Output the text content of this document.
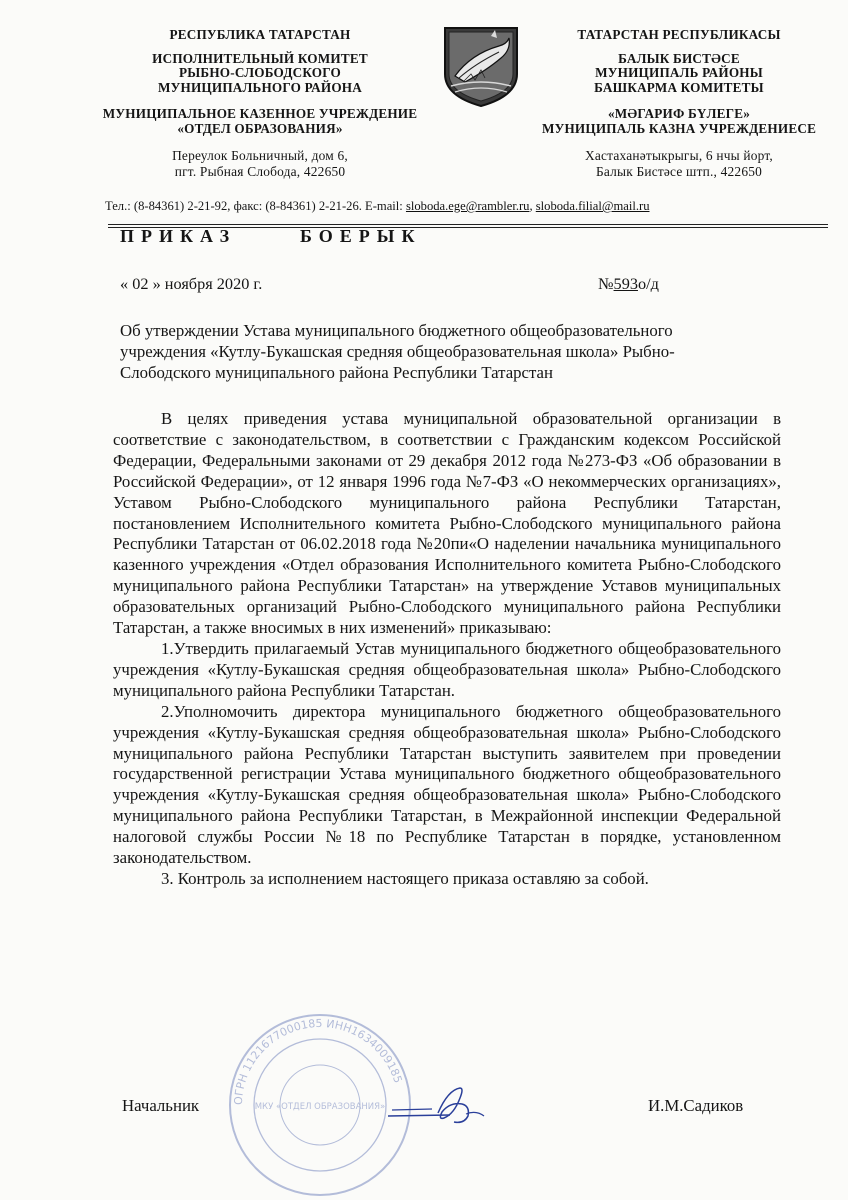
РЕСПУБЛИКА ТАТАРСТАН
ИСПОЛНИТЕЛЬНЫЙ КОМИТЕТ
РЫБНО-СЛОБОДСКОГО
МУНИЦИПАЛЬНОГО РАЙОНА
МУНИЦИПАЛЬНОЕ КАЗЕННОЕ УЧРЕЖДЕНИЕ
«ОТДЕЛ ОБРАЗОВАНИЯ»
Переулок Больничный, дом 6,
пгт. Рыбная Слобода, 422650
ТАТАРСТАН РЕСПУБЛИКАСЫ
БАЛЫК БИСТӘСЕ
МУНИЦИПАЛЬ РАЙОНЫ
БАШКАРМА КОМИТЕТЫ
«МӘГАРИФ БҮЛЕГЕ»
МУНИЦИПАЛЬ КАЗНА УЧРЕЖДЕНИЕСЕ
Хастаханәтыкрыгы, 6 нчы йорт,
Балык Бистәсе штп., 422650
Тел.: (8-84361) 2-21-92, факс: (8-84361) 2-21-26. E-mail: sloboda.ege@rambler.ru, sloboda.filial@mail.ru
ПРИКАЗ	БОЕРЫК
« 02 » ноября 2020 г.	№593о/д
Об утверждении Устава муниципального бюджетного общеобразовательного
учреждения «Кутлу-Букашская средняя общеобразовательная школа» Рыбно-
Слободского муниципального района Республики Татарстан

В целях приведения устава муниципальной образовательной организации в соответствие с законодательством, в соответствии с Гражданским кодексом Российской Федерации, Федеральными законами от 29 декабря 2012 года №273-ФЗ «Об образовании в Российской Федерации», от 12 января 1996 года №7-ФЗ «О некоммерческих организациях», Уставом Рыбно-Слободского муниципального района Республики Татарстан, постановлением Исполнительного комитета Рыбно-Слободского муниципального района Республики Татарстан от 06.02.2018 года №20пи«О наделении начальника муниципального казенного учреждения «Отдел образования Исполнительного комитета Рыбно-Слободского муниципального района Республики Татарстан» на утверждение Уставов муниципальных образовательных организаций Рыбно-Слободского муниципального района Республики Татарстан, а также вносимых в них изменений» приказываю:

1.Утвердить прилагаемый Устав муниципального бюджетного общеобразовательного учреждения «Кутлу-Букашская средняя общеобразовательная школа» Рыбно-Слободского муниципального района Республики Татарстан.

2.Уполномочить директора муниципального бюджетного общеобразовательного учреждения «Кутлу-Букашская средняя общеобразовательная школа» Рыбно-Слободского муниципального района Республики Татарстан выступить заявителем при проведении государственной регистрации Устава муниципального бюджетного общеобразовательного учреждения «Кутлу-Букашская средняя общеобразовательная школа» Рыбно-Слободского муниципального района Республики Татарстан, в Межрайонной инспекции Федеральной налоговой службы России №18 по Республике Татарстан в порядке, установленном законодательством.

3. Контроль за исполнением настоящего приказа оставляю за собой.

ОГРН 1121677000185 ИНН1634009185
МКУ «ОТДЕЛ ОБРАЗОВАНИЯ»
Начальник	И.М.Садиков
